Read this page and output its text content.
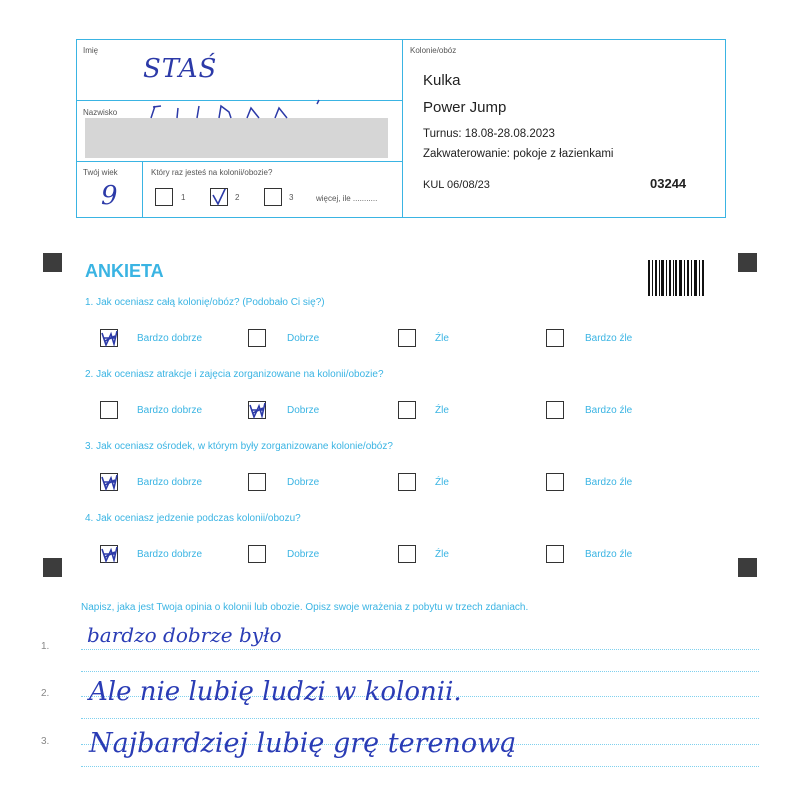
Imię
STAŚ
Nazwisko
Twój wiek
9
Który raz jesteś na kolonii/obozie?
1	2	3	więcej, ile ...........
Kolonie/obóz
Kulka
Power Jump
Turnus: 18.08-28.08.2023
Zakwaterowanie: pokoje z łazienkami
KUL 06/08/23	03244
ANKIETA
1. Jak oceniasz całą kolonię/obóz? (Podobało Ci się?)
Bardzo dobrze	Dobrze	Źle	Bardzo źle
2. Jak oceniasz atrakcje i zajęcia zorganizowane na kolonii/obozie?
Bardzo dobrze	Dobrze	Źle	Bardzo źle
3. Jak oceniasz ośrodek, w którym były zorganizowane kolonie/obóz?
Bardzo dobrze	Dobrze	Źle	Bardzo źle
4. Jak oceniasz jedzenie podczas kolonii/obozu?
Bardzo dobrze	Dobrze	Źle	Bardzo źle
Napisz, jaka jest Twoja opinia o kolonii lub obozie. Opisz swoje wrażenia z pobytu w trzech zdaniach.
1. bardzo dobrze było
2. Ale nie lubię ludzi w kolonii.
3. Najbardziej lubię grę terenową
